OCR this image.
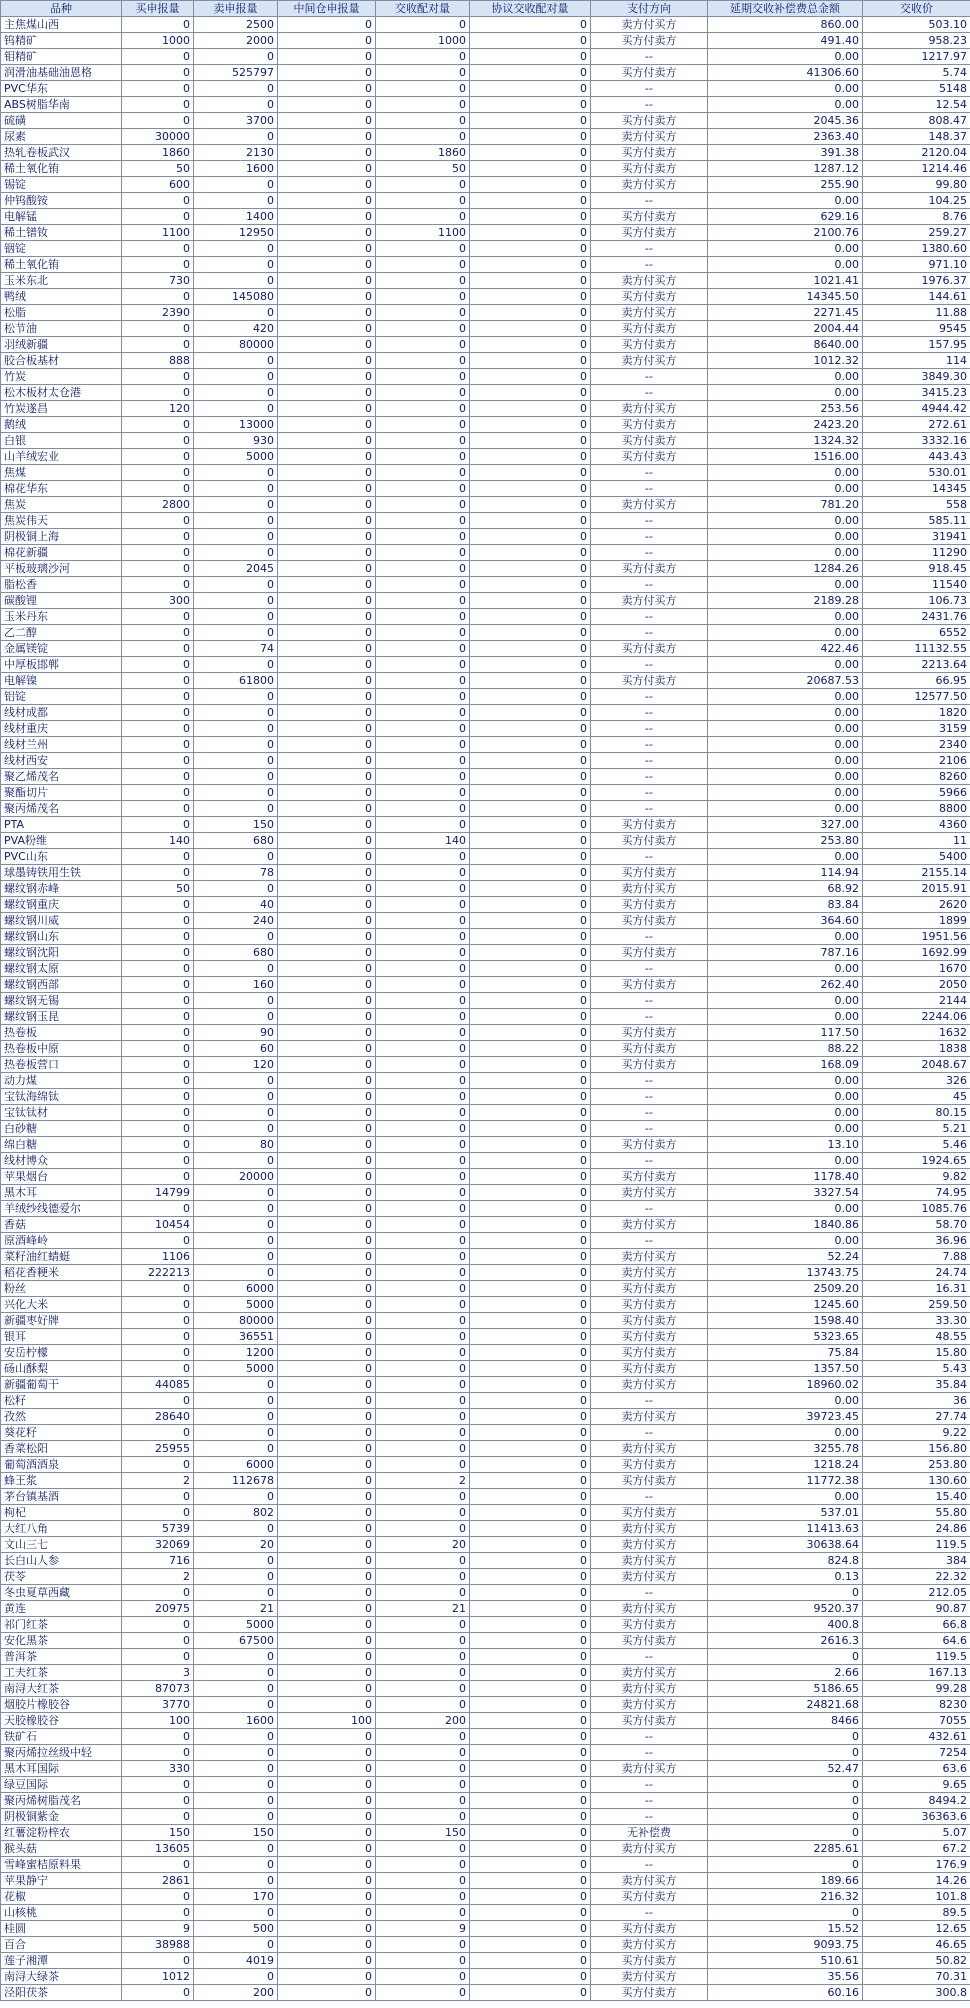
品种	买申报量	卖申报量	中间仓申报量	交收配对量	协议交收配对量	支付方向	延期交收补偿费总金额	交收价
主焦煤山西	0	2500	0	0	0	卖方付买方	860.00	503.10
钨精矿	1000	2000	0	1000	0	买方付卖方	491.40	958.23
钼精矿	0	0	0	0	0	--	0.00	1217.97
润滑油基础油恩格	0	525797	0	0	0	买方付卖方	41306.60	5.74
PVC华东	0	0	0	0	0	--	0.00	5148
ABS树脂华南	0	0	0	0	0	--	0.00	12.54
硫磺	0	3700	0	0	0	买方付卖方	2045.36	808.47
尿素	30000	0	0	0	0	卖方付买方	2363.40	148.37
热轧卷板武汉	1860	2130	0	1860	0	买方付卖方	391.38	2120.04
稀土氧化铕	50	1600	0	50	0	买方付卖方	1287.12	1214.46
锡锭	600	0	0	0	0	卖方付买方	255.90	99.80
仲钨酸铵	0	0	0	0	0	--	0.00	104.25
电解锰	0	1400	0	0	0	买方付卖方	629.16	8.76
稀土镨钕	1100	12950	0	1100	0	买方付卖方	2100.76	259.27
铟锭	0	0	0	0	0	--	0.00	1380.60
稀土氧化铕	0	0	0	0	0	--	0.00	971.10
玉米东北	730	0	0	0	0	卖方付买方	1021.41	1976.37
鸭绒	0	145080	0	0	0	买方付卖方	14345.50	144.61
松脂	2390	0	0	0	0	卖方付买方	2271.45	11.88
松节油	0	420	0	0	0	买方付卖方	2004.44	9545
羽绒新疆	0	80000	0	0	0	买方付卖方	8640.00	157.95
胶合板基材	888	0	0	0	0	卖方付买方	1012.32	114
竹炭	0	0	0	0	0	--	0.00	3849.30
松木板材太仓港	0	0	0	0	0	--	0.00	3415.23
竹炭遂昌	120	0	0	0	0	卖方付买方	253.56	4944.42
鹅绒	0	13000	0	0	0	买方付卖方	2423.20	272.61
白银	0	930	0	0	0	买方付卖方	1324.32	3332.16
山羊绒宏业	0	5000	0	0	0	买方付卖方	1516.00	443.43
焦煤	0	0	0	0	0	--	0.00	530.01
棉花华东	0	0	0	0	0	--	0.00	14345
焦炭	2800	0	0	0	0	卖方付买方	781.20	558
焦炭伟天	0	0	0	0	0	--	0.00	585.11
阴极铜上海	0	0	0	0	0	--	0.00	31941
棉花新疆	0	0	0	0	0	--	0.00	11290
平板玻璃沙河	0	2045	0	0	0	买方付卖方	1284.26	918.45
脂松香	0	0	0	0	0	--	0.00	11540
碳酸锂	300	0	0	0	0	卖方付买方	2189.28	106.73
玉米丹东	0	0	0	0	0	--	0.00	2431.76
乙二醇	0	0	0	0	0	--	0.00	6552
金属镁锭	0	74	0	0	0	买方付卖方	422.46	11132.55
中厚板邯郸	0	0	0	0	0	--	0.00	2213.64
电解镍	0	61800	0	0	0	买方付卖方	20687.53	66.95
铝锭	0	0	0	0	0	--	0.00	12577.50
线材成都	0	0	0	0	0	--	0.00	1820
线材重庆	0	0	0	0	0	--	0.00	3159
线材兰州	0	0	0	0	0	--	0.00	2340
线材西安	0	0	0	0	0	--	0.00	2106
聚乙烯茂名	0	0	0	0	0	--	0.00	8260
聚酯切片	0	0	0	0	0	--	0.00	5966
聚丙烯茂名	0	0	0	0	0	--	0.00	8800
PTA	0	150	0	0	0	买方付卖方	327.00	4360
PVA粉维	140	680	0	140	0	买方付卖方	253.80	11
PVC山东	0	0	0	0	0	--	0.00	5400
球墨铸铁用生铁	0	78	0	0	0	买方付卖方	114.94	2155.14
螺纹钢赤峰	50	0	0	0	0	卖方付买方	68.92	2015.91
螺纹钢重庆	0	40	0	0	0	买方付卖方	83.84	2620
螺纹钢川威	0	240	0	0	0	买方付卖方	364.60	1899
螺纹钢山东	0	0	0	0	0	--	0.00	1951.56
螺纹钢沈阳	0	680	0	0	0	买方付卖方	787.16	1692.99
螺纹钢太原	0	0	0	0	0	--	0.00	1670
螺纹钢西部	0	160	0	0	0	买方付卖方	262.40	2050
螺纹钢无锡	0	0	0	0	0	--	0.00	2144
螺纹钢玉昆	0	0	0	0	0	--	0.00	2244.06
热卷板	0	90	0	0	0	买方付卖方	117.50	1632
热卷板中原	0	60	0	0	0	买方付卖方	88.22	1838
热卷板营口	0	120	0	0	0	买方付卖方	168.09	2048.67
动力煤	0	0	0	0	0	--	0.00	326
宝钛海绵钛	0	0	0	0	0	--	0.00	45
宝钛钛材	0	0	0	0	0	--	0.00	80.15
白砂糖	0	0	0	0	0	--	0.00	5.21
绵白糖	0	80	0	0	0	买方付卖方	13.10	5.46
线材博众	0	0	0	0	0	--	0.00	1924.65
苹果烟台	0	20000	0	0	0	买方付卖方	1178.40	9.82
黑木耳	14799	0	0	0	0	卖方付买方	3327.54	74.95
羊绒纱线德爱尔	0	0	0	0	0	--	0.00	1085.76
香菇	10454	0	0	0	0	卖方付买方	1840.86	58.70
原酒峰岭	0	0	0	0	0	--	0.00	36.96
菜籽油红蜻蜓	1106	0	0	0	0	卖方付买方	52.24	7.88
稻花香粳米	222213	0	0	0	0	卖方付买方	13743.75	24.74
粉丝	0	6000	0	0	0	买方付卖方	2509.20	16.31
兴化大米	0	5000	0	0	0	买方付卖方	1245.60	259.50
新疆枣好牌	0	80000	0	0	0	买方付卖方	1598.40	33.30
银耳	0	36551	0	0	0	买方付卖方	5323.65	48.55
安岳柠檬	0	1200	0	0	0	买方付卖方	75.84	15.80
砀山酥梨	0	5000	0	0	0	买方付卖方	1357.50	5.43
新疆葡萄干	44085	0	0	0	0	卖方付买方	18960.02	35.84
松籽	0	0	0	0	0	--	0.00	36
孜然	28640	0	0	0	0	卖方付买方	39723.45	27.74
葵花籽	0	0	0	0	0	--	0.00	9.22
香菜松阳	25955	0	0	0	0	卖方付买方	3255.78	156.80
葡萄酒酒泉	0	6000	0	0	0	买方付卖方	1218.24	253.80
蜂王浆	2	112678	0	2	0	买方付卖方	11772.38	130.60
茅台镇基酒	0	0	0	0	0	--	0.00	15.40
枸杞	0	802	0	0	0	买方付卖方	537.01	55.80
大红八角	5739	0	0	0	0	卖方付买方	11413.63	24.86
文山三七	32069	20	0	20	0	卖方付买方	30638.64	119.5
长白山人参	716	0	0	0	0	卖方付买方	824.8	384
茯苓	2	0	0	0	0	卖方付买方	0.13	22.32
冬虫夏草西藏	0	0	0	0	0	--	0	212.05
黄连	20975	21	0	21	0	卖方付买方	9520.37	90.87
祁门红茶	0	5000	0	0	0	买方付卖方	400.8	66.8
安化黑茶	0	67500	0	0	0	买方付卖方	2616.3	64.6
普洱茶	0	0	0	0	0	--	0	119.5
工夫红茶	3	0	0	0	0	卖方付买方	2.66	167.13
南浔大红茶	87073	0	0	0	0	卖方付买方	5186.65	99.28
烟胶片橡胶谷	3770	0	0	0	0	卖方付买方	24821.68	8230
天胶橡胶谷	100	1600	100	200	0	买方付卖方	8466	7055
铁矿石	0	0	0	0	0	--	0	432.61
聚丙烯拉丝级中轻	0	0	0	0	0	--	0	7254
黑木耳国际	330	0	0	0	0	卖方付买方	52.47	63.6
绿豆国际	0	0	0	0	0	--	0	9.65
聚丙烯树脂茂名	0	0	0	0	0	--	0	8494.2
阴极铜紫金	0	0	0	0	0	--	0	36363.6
红薯淀粉梓农	150	150	0	150	0	无补偿费	0	5.07
猴头菇	13605	0	0	0	0	卖方付买方	2285.61	67.2
雪峰蜜桔原料果	0	0	0	0	0	--	0	176.9
苹果静宁	2861	0	0	0	0	卖方付买方	189.66	14.26
花椒	0	170	0	0	0	买方付卖方	216.32	101.8
山核桃	0	0	0	0	0	--	0	89.5
桂圆	9	500	0	9	0	买方付卖方	15.52	12.65
百合	38988	0	0	0	0	卖方付买方	9093.75	46.65
莲子湘潭	0	4019	0	0	0	买方付卖方	510.61	50.82
南浔大绿茶	1012	0	0	0	0	卖方付买方	35.56	70.31
泾阳茯茶	0	200	0	0	0	买方付卖方	60.16	300.8
